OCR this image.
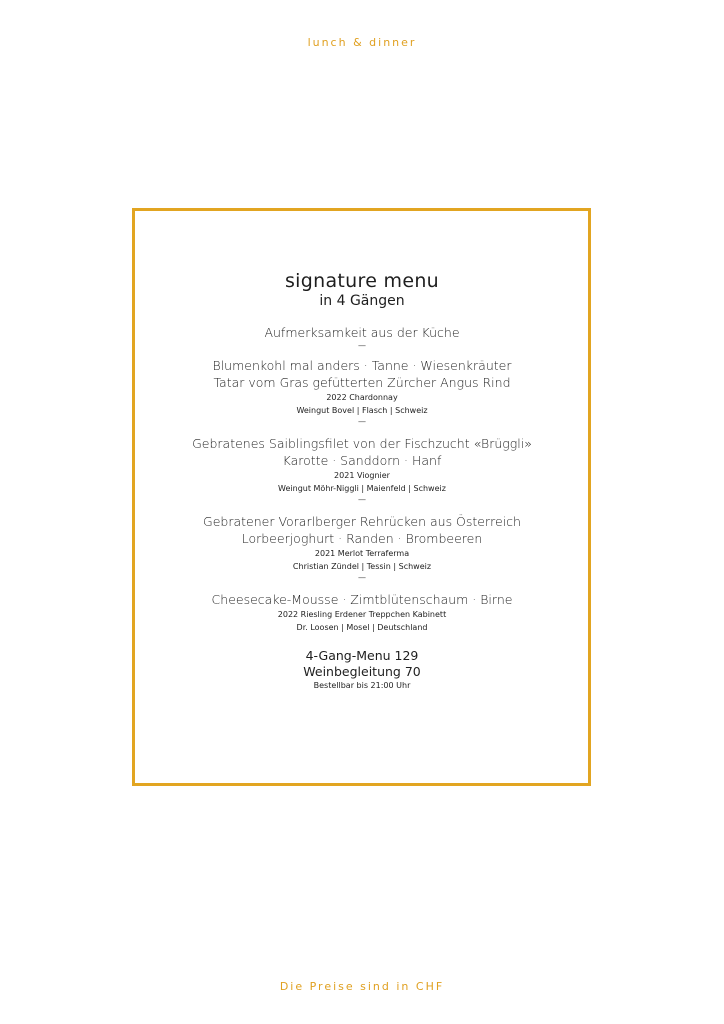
lunch & dinner
signature menu
in 4 Gängen
Aufmerksamkeit aus der Küche
—
Blumenkohl mal anders · Tanne · Wiesenkräuter
Tatar vom Gras gefütterten Zürcher Angus Rind
2022 Chardonnay
Weingut Bovel | Flasch | Schweiz
—
Gebratenes Saiblingsfilet von der Fischzucht «Brüggli»
Karotte · Sanddorn · Hanf
2021 Viognier
Weingut Möhr-Niggli | Maienfeld | Schweiz
—
Gebratener Vorarlberger Rehrücken aus Österreich
Lorbeerjoghurt · Randen · Brombeeren
2021 Merlot Terraferma
Christian Zündel | Tessin | Schweiz
—
Cheesecake-Mousse · Zimtblütenschaum · Birne
2022 Riesling Erdener Treppchen Kabinett
Dr. Loosen | Mosel | Deutschland
4-Gang-Menu 129
Weinbegleitung 70
Bestellbar bis 21:00 Uhr
Die Preise sind in CHF
